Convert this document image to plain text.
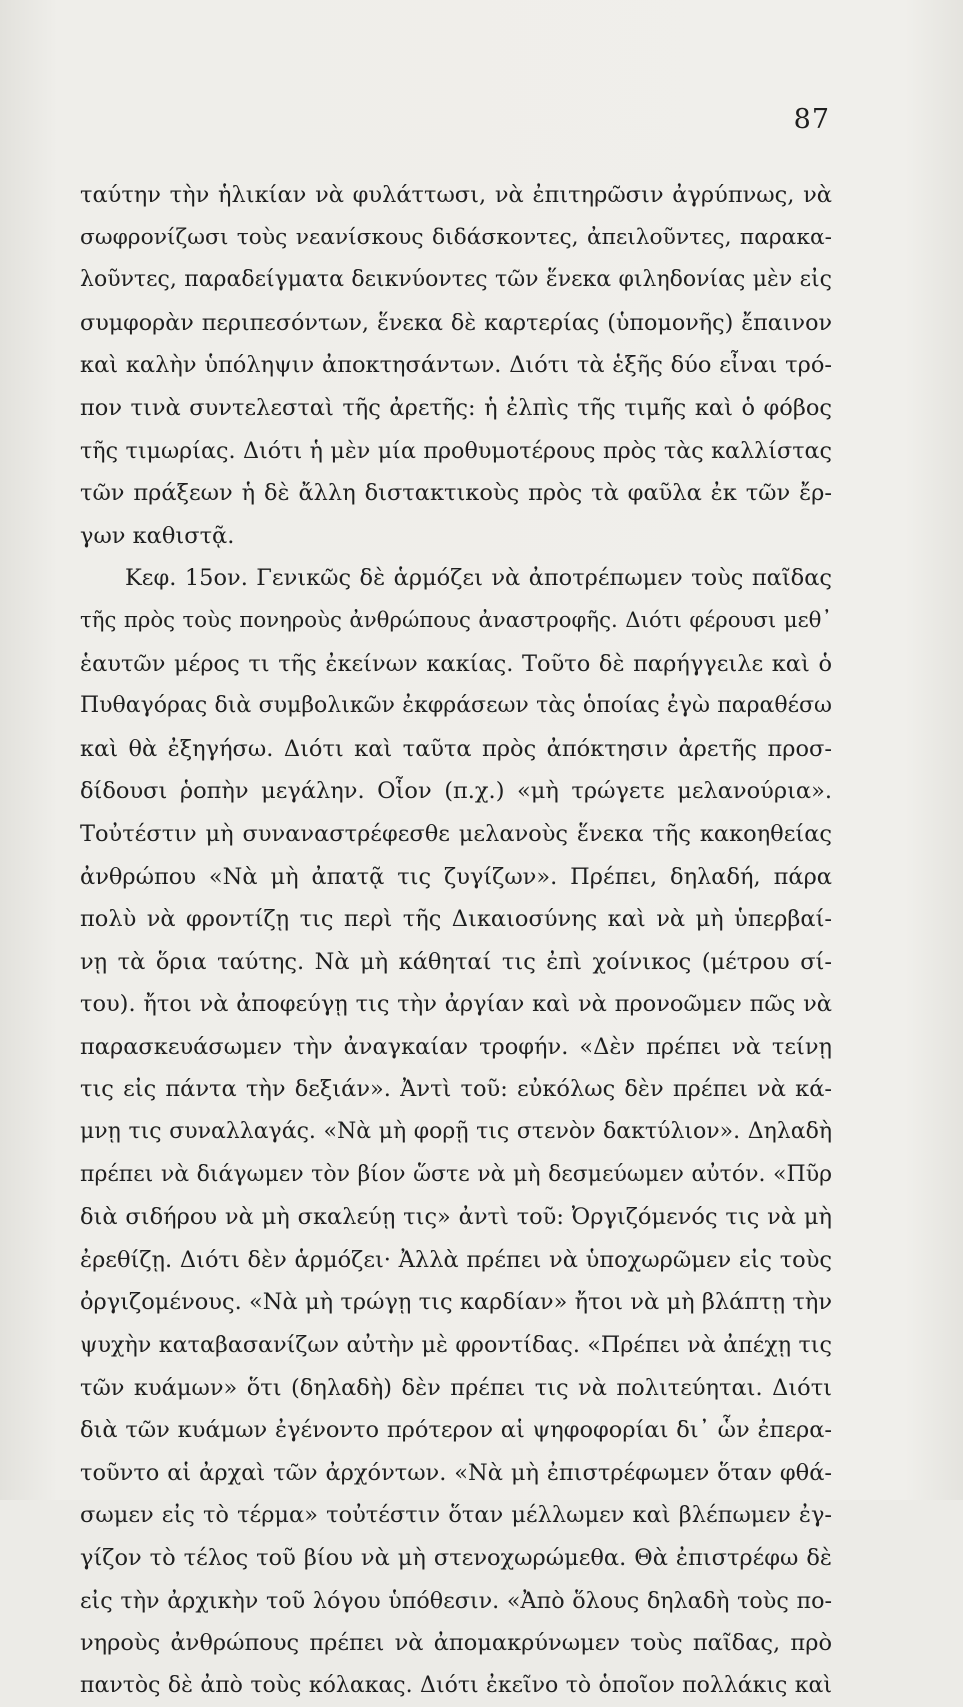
87
ταύτην τὴν ἡλικίαν νὰ φυλάττωσι, νὰ ἐπιτηρῶσιν ἀγρύπνως, νὰ
σωφρονίζωσι τοὺς νεανίσκους διδάσκοντες, ἀπειλοῦντες, παρακα-
λοῦντες, παραδείγματα δεικνύοντες τῶν ἕνεκα φιληδονίας μὲν εἰς
συμφορὰν περιπεσόντων, ἕνεκα δὲ καρτερίας (ὑπομονῆς) ἔπαινον
καὶ καλὴν ὑπόληψιν ἀποκτησάντων. Διότι τὰ ἑξῆς δύο εἶναι τρό-
πον τινὰ συντελεσταὶ τῆς ἀρετῆς: ἡ ἐλπὶς τῆς τιμῆς καὶ ὁ φόβος
τῆς τιμωρίας. Διότι ἡ μὲν μία προθυμοτέρους πρὸς τὰς καλλίστας
τῶν πράξεων ἡ δὲ ἄλλη διστακτικοὺς πρὸς τὰ φαῦλα ἐκ τῶν ἔρ-
γων καθιστᾷ.
Κεφ. 15ον. Γενικῶς δὲ ἁρμόζει νὰ ἀποτρέπωμεν τοὺς παῖδας
τῆς πρὸς τοὺς πονηροὺς ἀνθρώπους ἀναστροφῆς. Διότι φέρουσι μεθ᾽
ἑαυτῶν μέρος τι τῆς ἐκείνων κακίας. Τοῦτο δὲ παρήγγειλε καὶ ὁ
Πυθαγόρας διὰ συμβολικῶν ἐκφράσεων τὰς ὁποίας ἐγὼ παραθέσω
καὶ θὰ ἐξηγήσω. Διότι καὶ ταῦτα πρὸς ἀπόκτησιν ἀρετῆς προσ-
δίδουσι ῥοπὴν μεγάλην. Οἷον (π.χ.) «μὴ τρώγετε μελανούρια».
Τοὐτέστιν μὴ συναναστρέφεσθε μελανοὺς ἕνεκα τῆς κακοηθείας
ἀνθρώπου «Νὰ μὴ ἀπατᾷ τις ζυγίζων». Πρέπει, δηλαδή, πάρα
πολὺ νὰ φροντίζῃ τις περὶ τῆς Δικαιοσύνης καὶ νὰ μὴ ὑπερβαί-
νῃ τὰ ὅρια ταύτης. Νὰ μὴ κάθηταί τις ἐπὶ χοίνικος (μέτρου σί-
του). ἤτοι νὰ ἀποφεύγῃ τις τὴν ἀργίαν καὶ νὰ προνοῶμεν πῶς νὰ
παρασκευάσωμεν τὴν ἀναγκαίαν τροφήν. «Δὲν πρέπει νὰ τείνῃ
τις εἰς πάντα τὴν δεξιάν». Ἀντὶ τοῦ: εὐκόλως δὲν πρέπει νὰ κά-
μνῃ τις συναλλαγάς. «Νὰ μὴ φορῇ τις στενὸν δακτύλιον». Δηλαδὴ
πρέπει νὰ διάγωμεν τὸν βίον ὥστε νὰ μὴ δεσμεύωμεν αὐτόν. «Πῦρ
διὰ σιδήρου νὰ μὴ σκαλεύῃ τις» ἀντὶ τοῦ: Ὀργιζόμενός τις νὰ μὴ
ἐρεθίζῃ. Διότι δὲν ἁρμόζει· Ἀλλὰ πρέπει νὰ ὑποχωρῶμεν εἰς τοὺς
ὀργιζομένους. «Νὰ μὴ τρώγῃ τις καρδίαν» ἤτοι νὰ μὴ βλάπτῃ τὴν
ψυχὴν καταβασανίζων αὐτὴν μὲ φροντίδας. «Πρέπει νὰ ἀπέχῃ τις
τῶν κυάμων» ὅτι (δηλαδὴ) δὲν πρέπει τις νὰ πολιτεύηται. Διότι
διὰ τῶν κυάμων ἐγένοντο πρότερον αἱ ψηφοφορίαι δι᾽ ὧν ἐπερα-
τοῦντο αἱ ἀρχαὶ τῶν ἀρχόντων. «Νὰ μὴ ἐπιστρέφωμεν ὅταν φθά-
σωμεν εἰς τὸ τέρμα» τοὐτέστιν ὅταν μέλλωμεν καὶ βλέπωμεν ἐγ-
γίζον τὸ τέλος τοῦ βίου νὰ μὴ στενοχωρώμεθα. Θὰ ἐπιστρέφω δὲ
εἰς τὴν ἀρχικὴν τοῦ λόγου ὑπόθεσιν. «Ἀπὸ ὅλους δηλαδὴ τοὺς πο-
νηροὺς ἀνθρώπους πρέπει νὰ ἀπομακρύνωμεν τοὺς παῖδας, πρὸ
παντὸς δὲ ἀπὸ τοὺς κόλακας. Διότι ἐκεῖνο τὸ ὁποῖον πολλάκις καὶ
